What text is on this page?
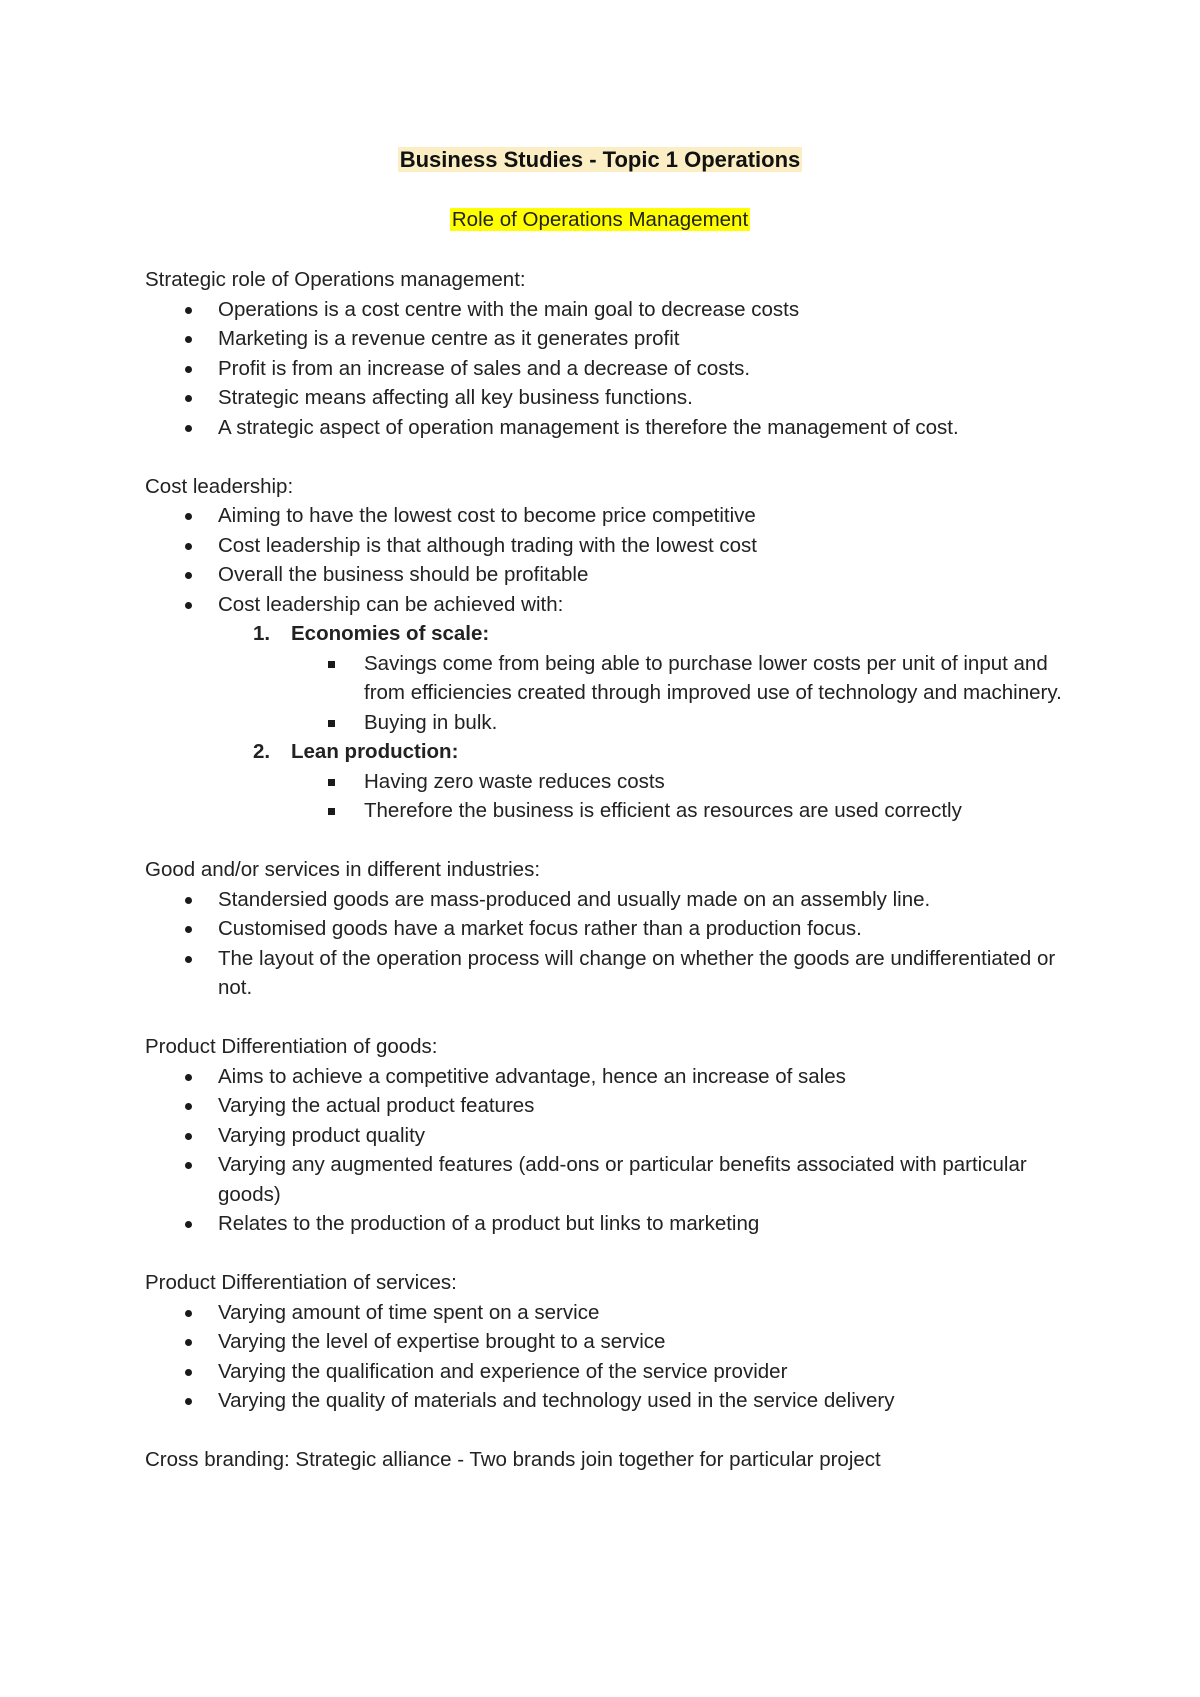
Business Studies - Topic 1 Operations
Role of Operations Management

Strategic role of Operations management:

Operations is a cost centre with the main goal to decrease costs
Marketing is a revenue centre as it generates profit
Profit is from an increase of sales and a decrease of costs.
Strategic means affecting all key business functions.
A strategic aspect of operation management is therefore the management of cost.

Cost leadership:

Aiming to have the lowest cost to become price competitive
Cost leadership is that although trading with the lowest cost
Overall the business should be profitable
Cost leadership can be achieved with:
1. Economies of scale:
Savings come from being able to purchase lower costs per unit of input and from efficiencies created through improved use of technology and machinery.
Buying in bulk.
2. Lean production:
Having zero waste reduces costs
Therefore the business is efficient as resources are used correctly

Good and/or services in different industries:

Standersied goods are mass-produced and usually made on an assembly line.
Customised goods have a market focus rather than a production focus.
The layout of the operation process will change on whether the goods are undifferentiated or not.

Product Differentiation of goods:

Aims to achieve a competitive advantage, hence an increase of sales
Varying the actual product features
Varying product quality
Varying any augmented features (add-ons or particular benefits associated with particular goods)
Relates to the production of a product but links to marketing

Product Differentiation of services:

Varying amount of time spent on a service
Varying the level of expertise brought to a service
Varying the qualification and experience of the service provider
Varying the quality of materials and technology used in the service delivery

Cross branding: Strategic alliance - Two brands join together for particular project
